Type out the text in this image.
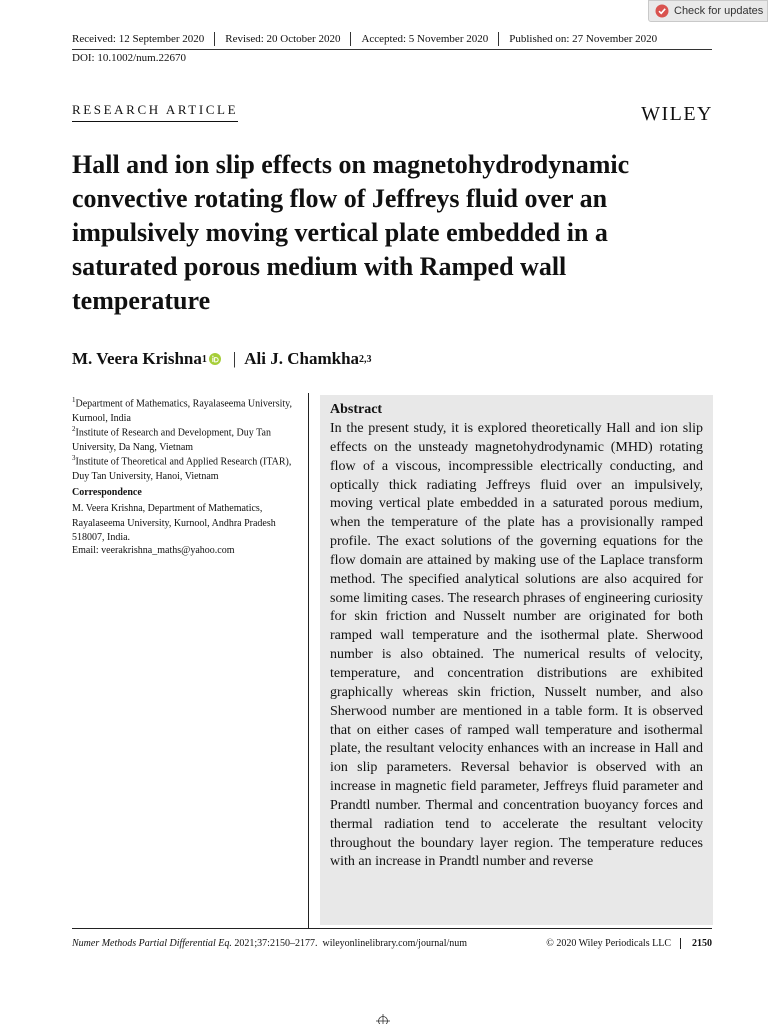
Check for updates
Received: 12 September 2020	Revised: 20 October 2020	Accepted: 5 November 2020	Published on: 27 November 2020
DOI: 10.1002/num.22670
RESEARCH ARTICLE	WILEY
Hall and ion slip effects on magnetohydrodynamic convective rotating flow of Jeffreys fluid over an impulsively moving vertical plate embedded in a saturated porous medium with Ramped wall temperature
M. Veera Krishna 1 | Ali J. Chamkha 2,3
$^1$Department of Mathematics, Rayalaseema University, Kurnool, India
$^2$Institute of Research and Development, Duy Tan University, Da Nang, Vietnam
$^3$Institute of Theoretical and Applied Research (ITAR), Duy Tan University, Hanoi, Vietnam
Correspondence
M. Veera Krishna, Department of Mathematics, Rayalaseema University, Kurnool, Andhra Pradesh 518007, India.
Email: veerakrishna_maths@yahoo.com
Abstract

In the present study, it is explored theoretically Hall and ion slip effects on the unsteady magnetohydrodynamic (MHD) rotating flow of a viscous, incompressible electrically conducting, and optically thick radiating Jeffreys fluid over an impulsively, moving vertical plate embedded in a saturated porous medium, when the temperature of the plate has a provisionally ramped profile. The exact solutions of the governing equations for the flow domain are attained by making use of the Laplace transform method. The specified analytical solutions are also acquired for some limiting cases. The research phrases of engineering curiosity for skin friction and Nusselt number are originated for both ramped wall temperature and the isothermal plate. Sherwood number is also obtained. The numerical results of velocity, temperature, and concentration distributions are exhibited graphically whereas skin friction, Nusselt number, and also Sherwood number are mentioned in a table form. It is observed that on either cases of ramped wall temperature and isothermal plate, the resultant velocity enhances with an increase in Hall and ion slip parameters. Reversal behavior is observed with an increase in magnetic field parameter, Jeffreys fluid parameter and Prandtl number. Thermal and concentration buoyancy forces and thermal radiation tend to accelerate the resultant velocity throughout the boundary layer region. The temperature reduces with an increase in Prandtl number and reverse

Numer Methods Partial Differential Eq.
2021;37:2150–2177. wileyonlinelibrary.com/journal/num	© 2020 Wiley Periodicals LLC	2150
